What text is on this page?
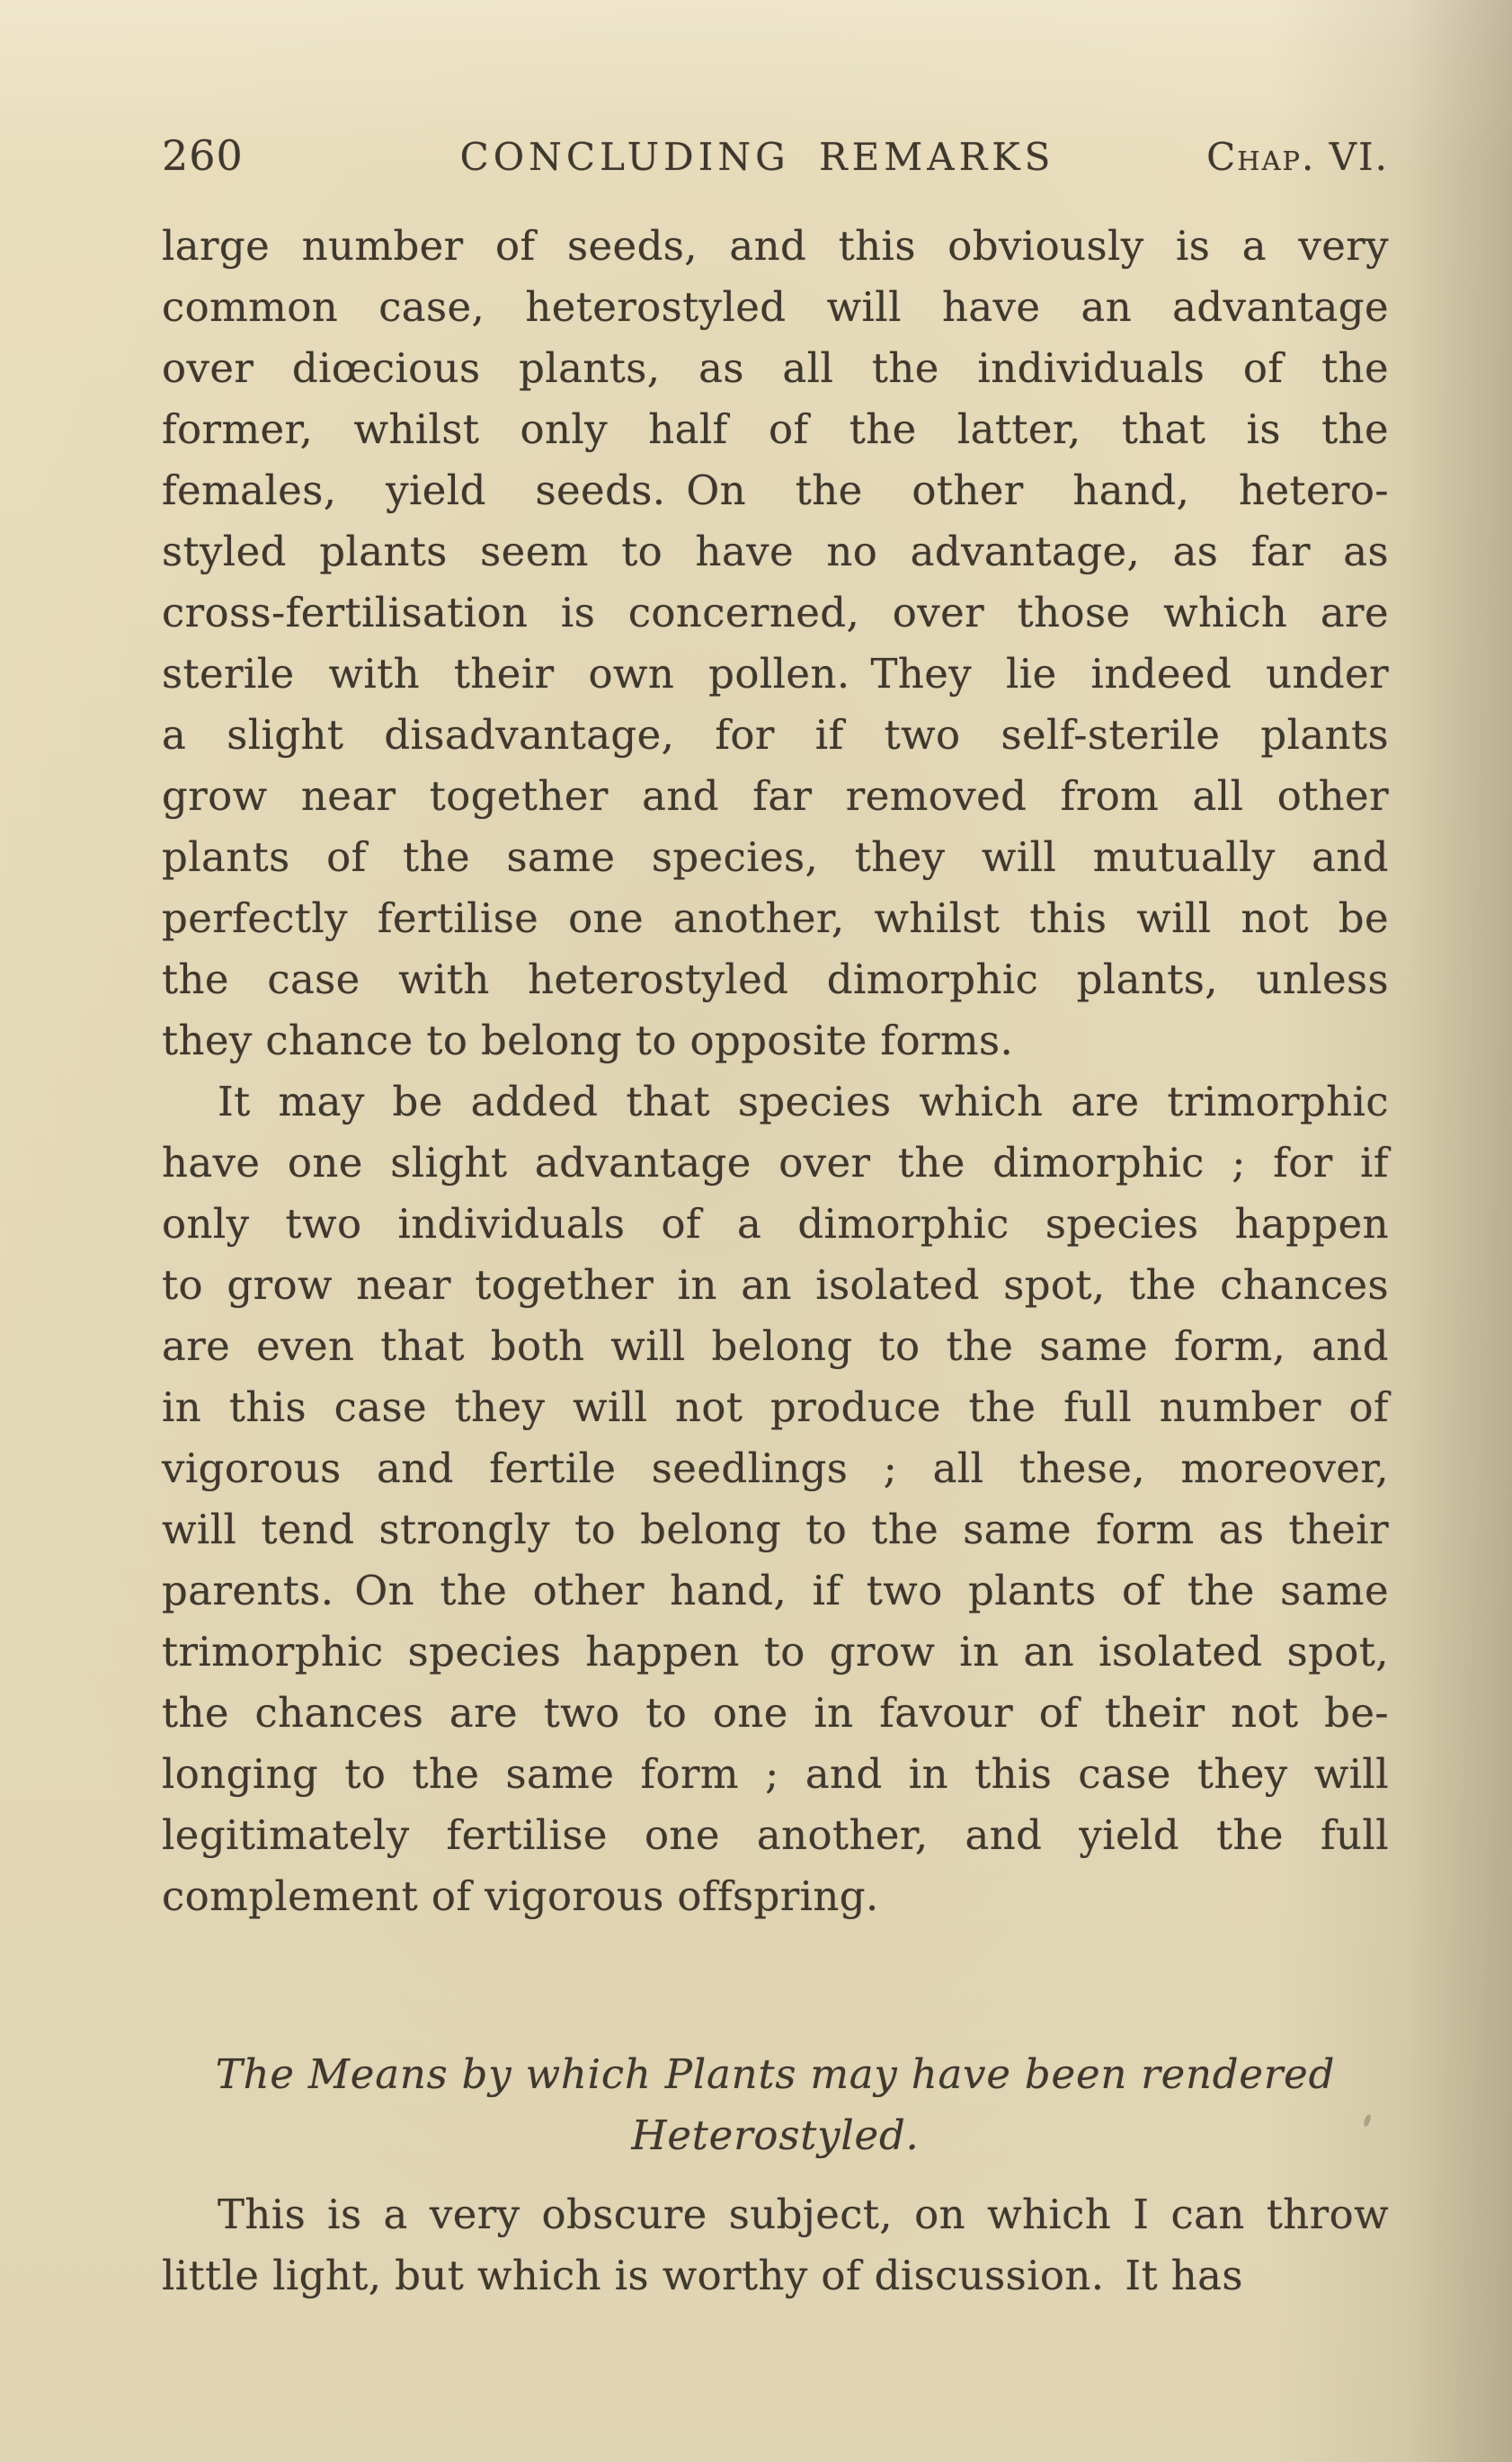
260	CONCLUDING REMARKS	Chap. VI.
large number of seeds, and this obviously is a very
common case, heterostyled will have an advantage
over diœcious plants, as all the individuals of the
former, whilst only half of the latter, that is the
females, yield seeds. On the other hand, hetero-
styled plants seem to have no advantage, as far as
cross-fertilisation is concerned, over those which are
sterile with their own pollen. They lie indeed under
a slight disadvantage, for if two self-sterile plants
grow near together and far removed from all other
plants of the same species, they will mutually and
perfectly fertilise one another, whilst this will not be
the case with heterostyled dimorphic plants, unless
they chance to belong to opposite forms.
It may be added that species which are trimorphic
have one slight advantage over the dimorphic ; for if
only two individuals of a dimorphic species happen
to grow near together in an isolated spot, the chances
are even that both will belong to the same form, and
in this case they will not produce the full number of
vigorous and fertile seedlings ; all these, moreover,
will tend strongly to belong to the same form as their
parents. On the other hand, if two plants of the same
trimorphic species happen to grow in an isolated spot,
the chances are two to one in favour of their not be-
longing to the same form ; and in this case they will
legitimately fertilise one another, and yield the full
complement of vigorous offspring.
The Means by which Plants may have been rendered
Heterostyled.
This is a very obscure subject, on which I can throw
little light, but which is worthy of discussion. It has
